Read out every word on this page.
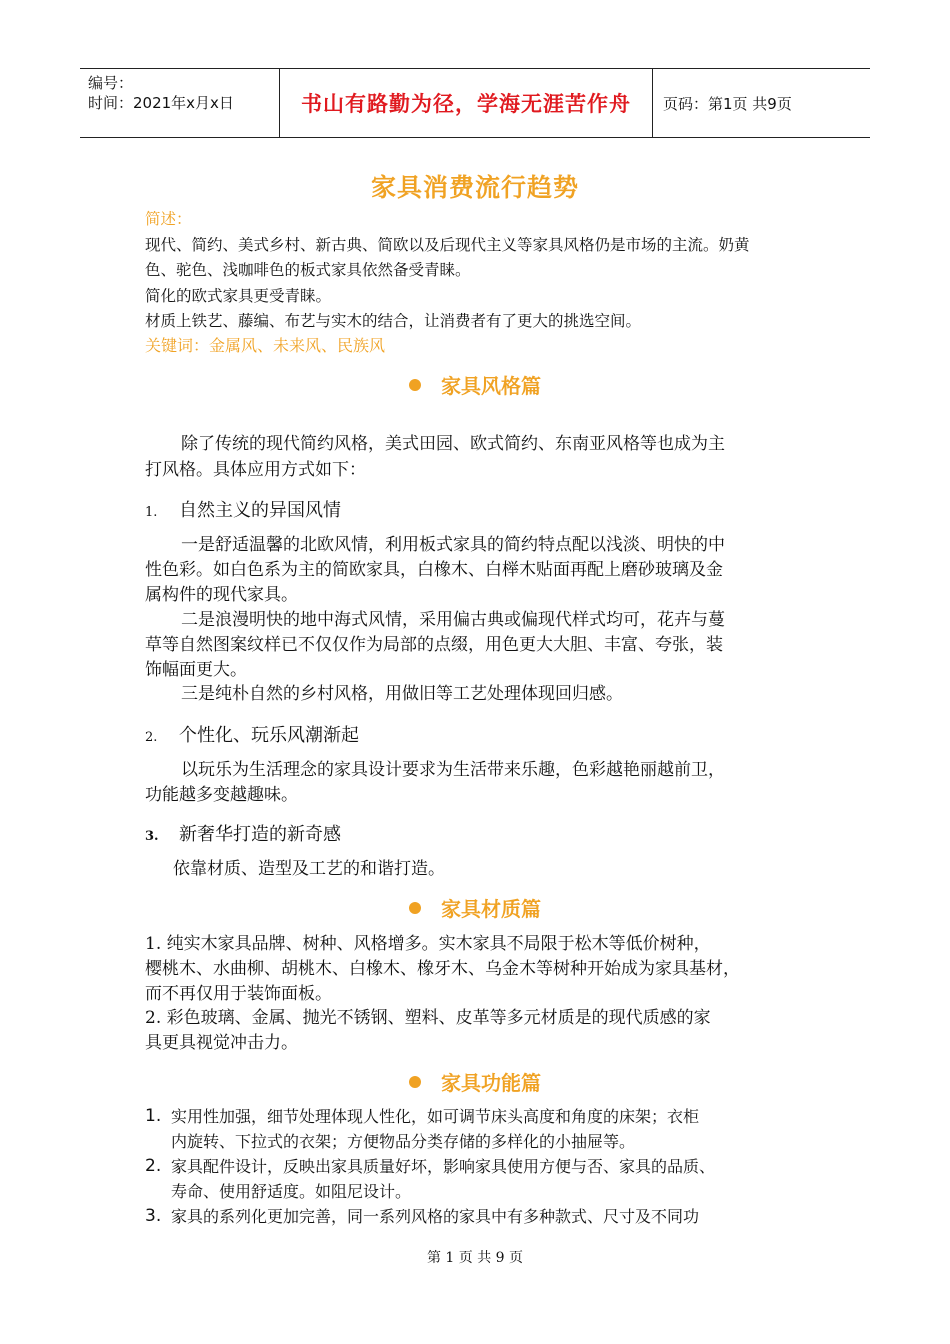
编号：
时间：2021年x月x日	书山有路勤为径，学海无涯苦作舟	页码：第1页 共9页
家具消费流行趋势
简述：
现代、简约、美式乡村、新古典、简欧以及后现代主义等家具风格仍是市场的主流。奶黄
色、驼色、浅咖啡色的板式家具依然备受青睐。
简化的欧式家具更受青睐。
材质上铁艺、藤编、布艺与实木的结合，让消费者有了更大的挑选空间。
关键词：金属风、未来风、民族风
家具风格篇
除了传统的现代简约风格，美式田园、欧式简约、东南亚风格等也成为主
打风格。具体应用方式如下：
1. 自然主义的异国风情
一是舒适温馨的北欧风情，利用板式家具的简约特点配以浅淡、明快的中
性色彩。如白色系为主的简欧家具，白橡木、白榉木贴面再配上磨砂玻璃及金
属构件的现代家具。
二是浪漫明快的地中海式风情，采用偏古典或偏现代样式均可，花卉与蔓
草等自然图案纹样已不仅仅作为局部的点缀，用色更大大胆、丰富、夸张，装
饰幅面更大。
三是纯朴自然的乡村风格，用做旧等工艺处理体现回归感。
2. 个性化、玩乐风潮渐起
以玩乐为生活理念的家具设计要求为生活带来乐趣，色彩越艳丽越前卫，
功能越多变越趣味。
3. 新奢华打造的新奇感
依靠材质、造型及工艺的和谐打造。
家具材质篇
1. 纯实木家具品牌、树种、风格增多。实木家具不局限于松木等低价树种，
樱桃木、水曲柳、胡桃木、白橡木、橡牙木、乌金木等树种开始成为家具基材，
而不再仅用于装饰面板。
2. 彩色玻璃、金属、抛光不锈钢、塑料、皮革等多元材质是的现代质感的家
具更具视觉冲击力。
家具功能篇
1. 实用性加强，细节处理体现人性化，如可调节床头高度和角度的床架；衣柜
内旋转、下拉式的衣架；方便物品分类存储的多样化的小抽屉等。
2. 家具配件设计，反映出家具质量好坏，影响家具使用方便与否、家具的品质、
寿命、使用舒适度。如阻尼设计。
3. 家具的系列化更加完善，同一系列风格的家具中有多种款式、尺寸及不同功
第 1 页 共 9 页
